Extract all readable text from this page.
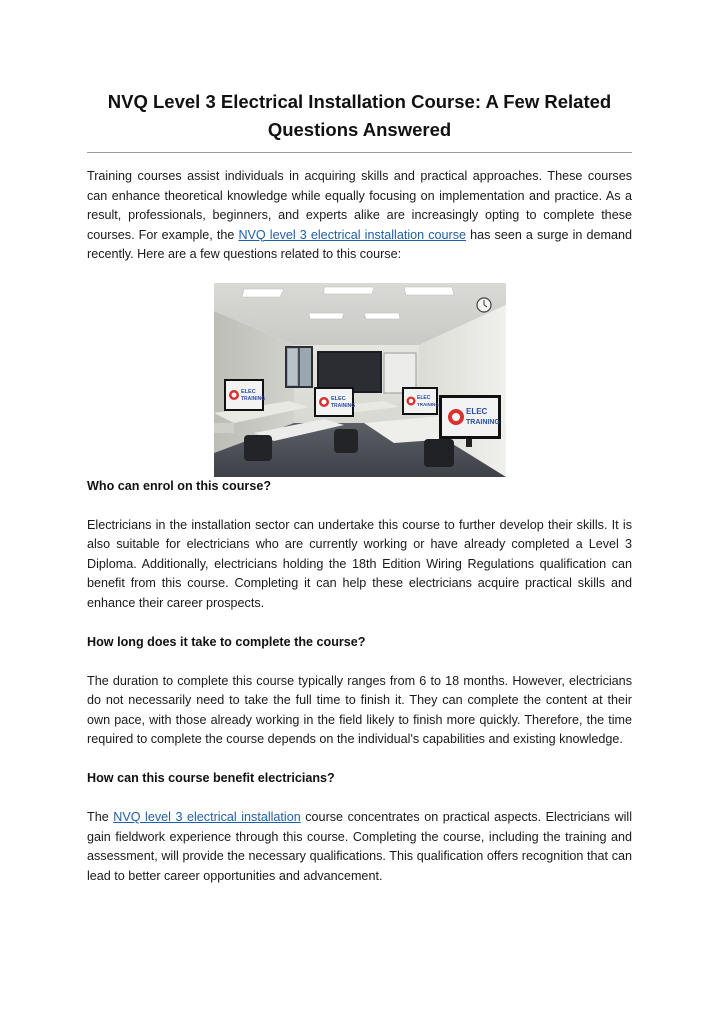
NVQ Level 3 Electrical Installation Course: A Few Related Questions Answered

Training courses assist individuals in acquiring skills and practical approaches. These courses can enhance theoretical knowledge while equally focusing on implementation and practice. As a result, professionals, beginners, and experts alike are increasingly opting to complete these courses. For example, the NVQ level 3 electrical installation course has seen a surge in demand recently. Here are a few questions related to this course:

ELEC
TRAINING	ELEC
TRAINING
ELEC
TRAINING
ELEC
TRAINING
Who can enrol on this course?

Electricians in the installation sector can undertake this course to further develop their skills. It is also suitable for electricians who are currently working or have already completed a Level 3 Diploma. Additionally, electricians holding the 18th Edition Wiring Regulations qualification can benefit from this course. Completing it can help these electricians acquire practical skills and enhance their career prospects.

How long does it take to complete the course?

The duration to complete this course typically ranges from 6 to 18 months. However, electricians do not necessarily need to take the full time to finish it. They can complete the content at their own pace, with those already working in the field likely to finish more quickly. Therefore, the time required to complete the course depends on the individual's capabilities and existing knowledge.

How can this course benefit electricians?

The NVQ level 3 electrical installation course concentrates on practical aspects. Electricians will gain fieldwork experience through this course. Completing the course, including the training and assessment, will provide the necessary qualifications. This qualification offers recognition that can lead to better career opportunities and advancement.
